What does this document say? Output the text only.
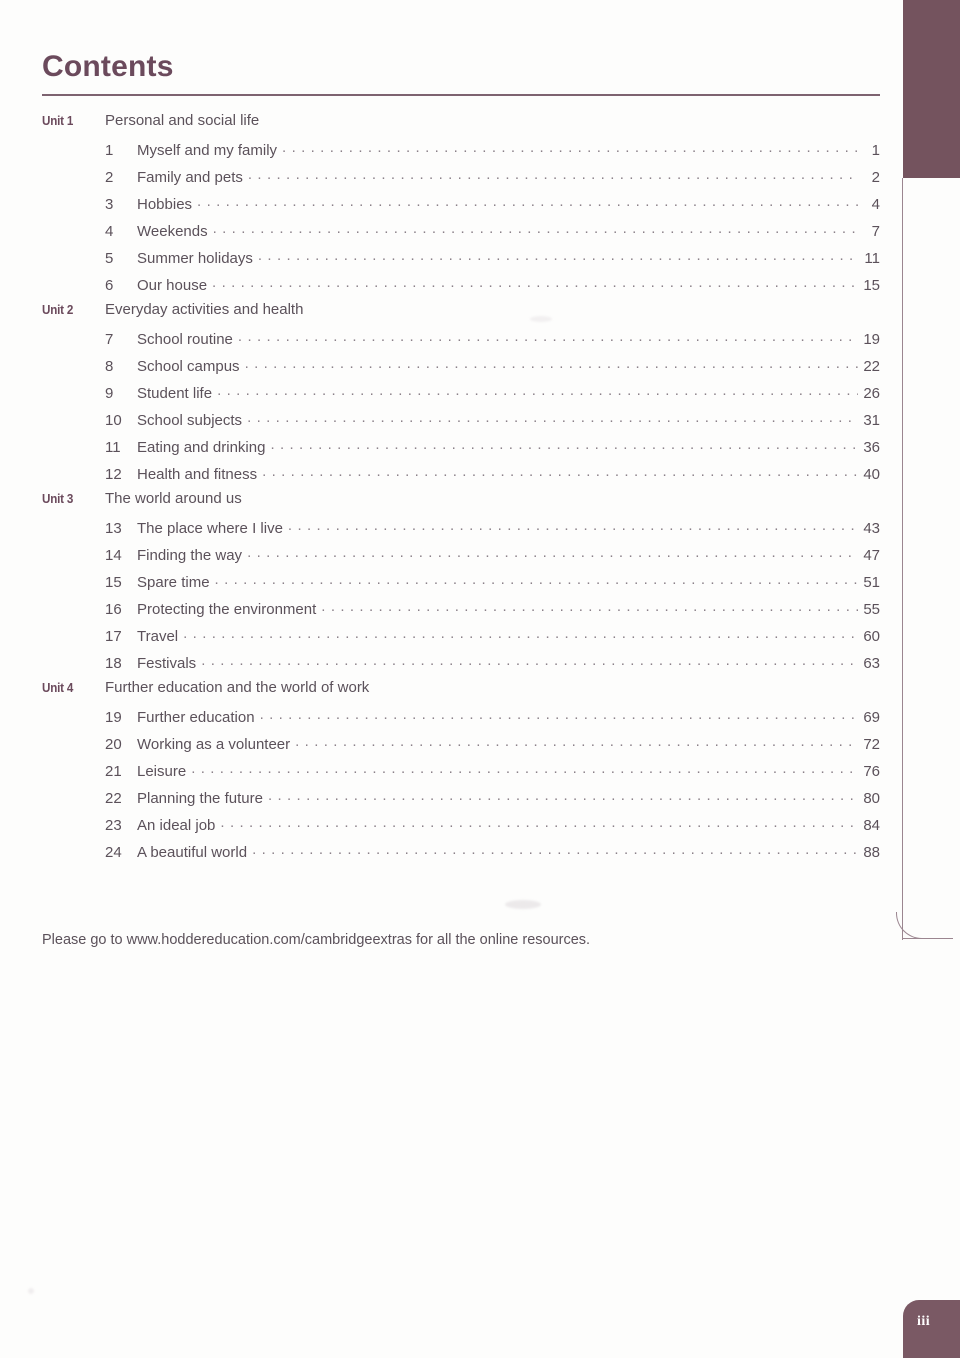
iii
Contents
Unit 1	Personal and social life
1	Myself and my family . . .	1
2	Family and pets . . .	2
3	Hobbies . . .	4
4	Weekends . . .	7
5	Summer holidays . . .	11
6	Our house . . .	15
Unit 2	Everyday activities and health
7	School routine . . .	19
8	School campus . . .	22
9	Student life . . .	26
10	School subjects . . .	31
11	Eating and drinking . . .	36
12	Health and fitness . . .	40
Unit 3	The world around us
13	The place where I live . . .	43
14	Finding the way . . .	47
15	Spare time . . .	51
16	Protecting the environment . . .	55
17	Travel . . .	60
18	Festivals . . .	63
Unit 4	Further education and the world of work
19	Further education . . .	69
20	Working as a volunteer . . .	72
21	Leisure . . .	76
22	Planning the future . . .	80
23	An ideal job . . .	84
24	A beautiful world . . .	88
Please go to www.hoddereducation.com/cambridgeextras for all the online resources.
